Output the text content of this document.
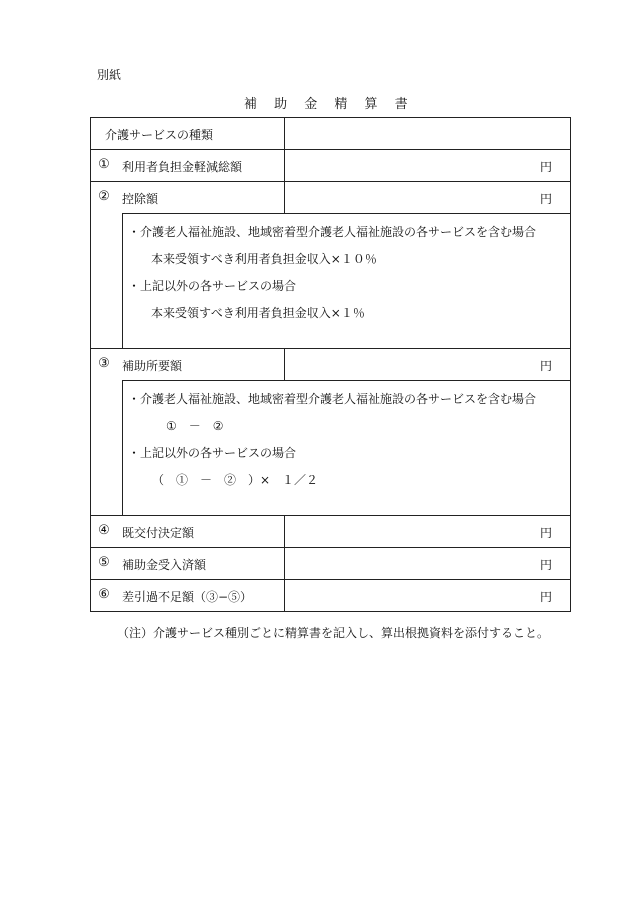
別紙
補　 助 　金　 精 　算 　書
介護サービスの種類
① 利用者負担金軽減総額	円
② 控除額	円
・介護老人福祉施設、地域密着型介護老人福祉施設の各サービスを含む場合
本来受領すべき利用者負担金収入×１０％
・上記以外の各サービスの場合
本来受領すべき利用者負担金収入×１％
③ 補助所要額	円
・介護老人福祉施設、地域密着型介護老人福祉施設の各サービスを含む場合
①　－　②
・上記以外の各サービスの場合
（　①　－　②　）×　１／２
④ 既交付決定額	円
⑤ 補助金受入済額	円
⑥ 差引過不足額（③−⑤）	円
（注）介護サービス種別ごとに精算書を記入し、算出根拠資料を添付すること。
